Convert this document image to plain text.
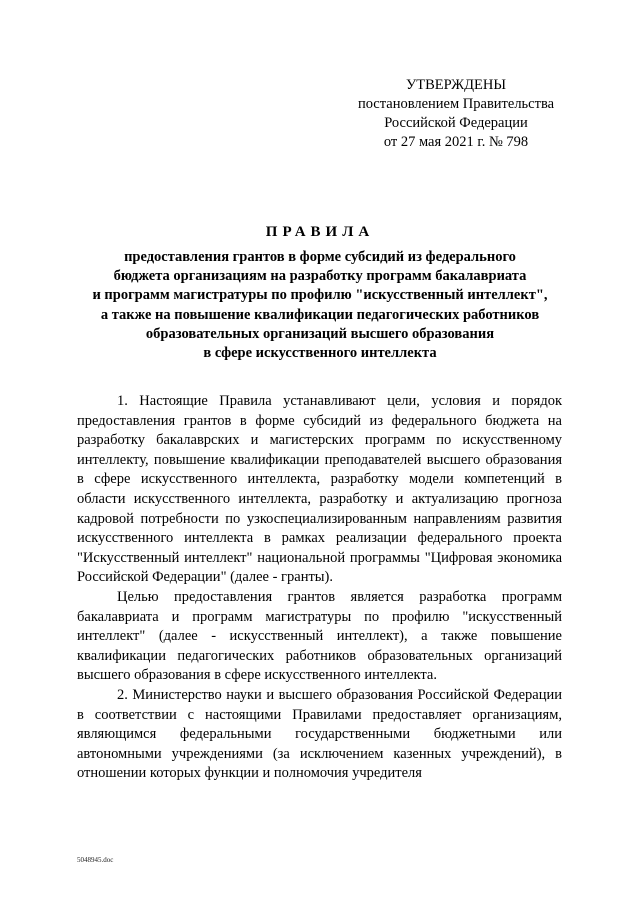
УТВЕРЖДЕНЫ
постановлением Правительства
Российской Федерации
от 27 мая 2021 г. № 798
ПРАВИЛА
предоставления грантов в форме субсидий из федерального
бюджета организациям на разработку программ бакалавриата
и программ магистратуры по профилю "искусственный интеллект",
а также на повышение квалификации педагогических работников
образовательных организаций высшего образования
в сфере искусственного интеллекта

1. Настоящие Правила устанавливают цели, условия и порядок предоставления грантов в форме субсидий из федерального бюджета на разработку бакалаврских и магистерских программ по искусственному интеллекту, повышение квалификации преподавателей высшего образования в сфере искусственного интеллекта, разработку модели компетенций в области искусственного интеллекта, разработку и актуализацию прогноза кадровой потребности по узкоспециализированным направлениям развития искусственного интеллекта в рамках реализации федерального проекта "Искусственный интеллект" национальной программы "Цифровая экономика Российской Федерации" (далее - гранты).

Целью предоставления грантов является разработка программ бакалавриата и программ магистратуры по профилю "искусственный интеллект" (далее - искусственный интеллект), а также повышение квалификации педагогических работников образовательных организаций высшего образования в сфере искусственного интеллекта.

2. Министерство науки и высшего образования Российской Федерации в соответствии с настоящими Правилами предоставляет организациям, являющимся федеральными государственными бюджетными или автономными учреждениями (за исключением казенных учреждений), в отношении которых функции и полномочия учредителя

5048945.doc
